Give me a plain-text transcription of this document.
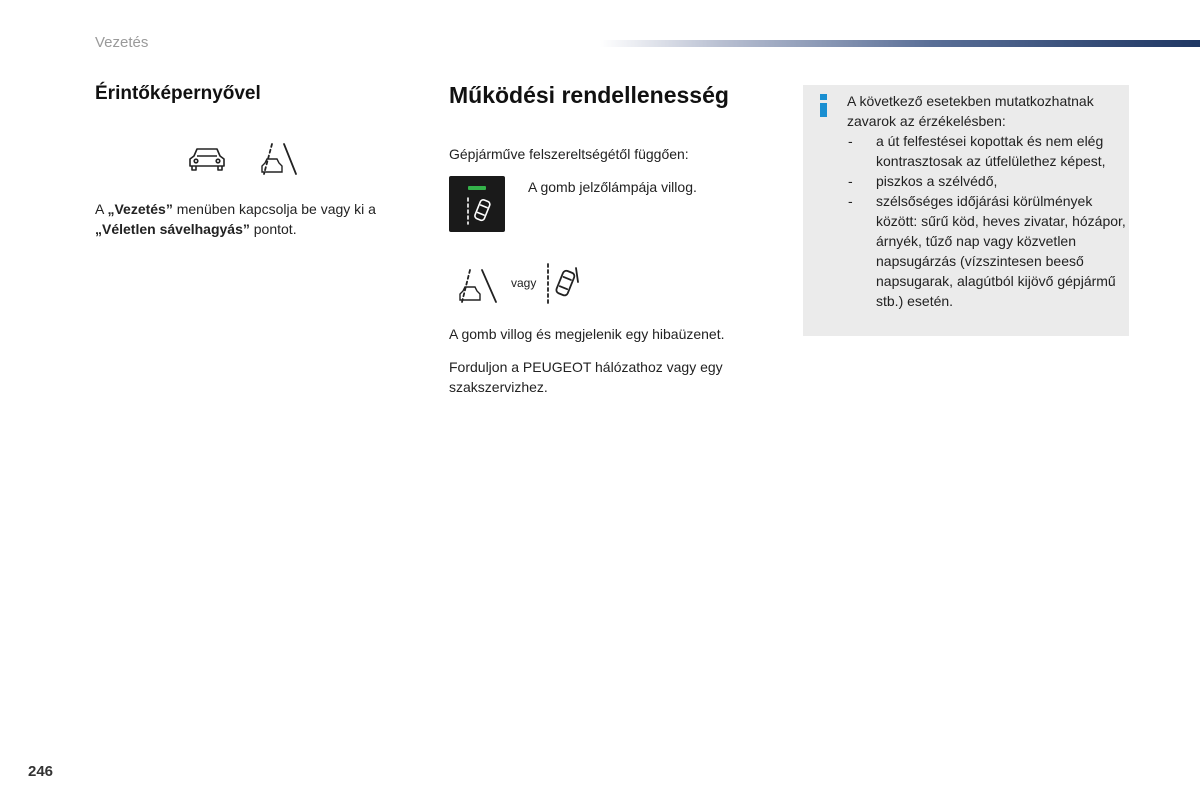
Vezetés
Érintőképernyővel

A „Vezetés” menüben kapcsolja be vagy ki a „Véletlen sávelhagyás” pontot.

Működési rendellenesség

Gépjárműve felszereltségétől függően:

A gomb jelzőlámpája villog.

vagy

A gomb villog és megjelenik egy hibaüzenet.

Forduljon a PEUGEOT hálózathoz vagy egy szakszervizhez.

A következő esetekben mutatkozhatnak zavarok az érzékelésben:
- a út felfestései kopottak és nem elég kontrasztosak az útfelülethez képest,
- piszkos a szélvédő,
- szélsőséges időjárási körülmények között: sűrű köd, heves zivatar, hózápor, árnyék, tűző nap vagy közvetlen napsugárzás (vízszintesen beeső napsugarak, alagútból kijövő gépjármű stb.) esetén.
246
